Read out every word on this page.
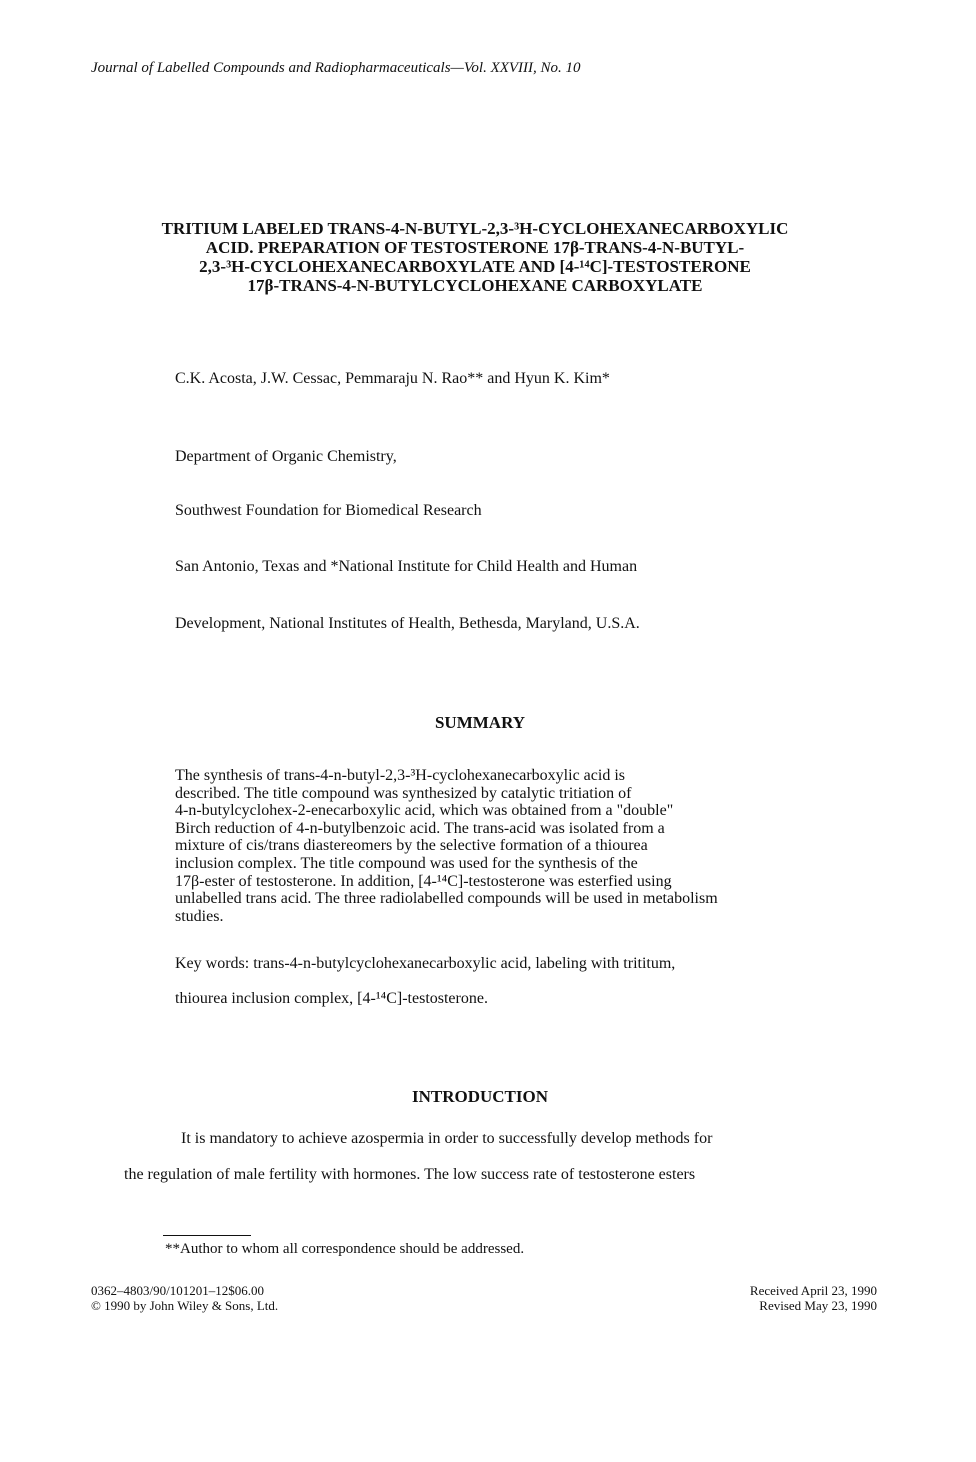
Journal of Labelled Compounds and Radiopharmaceuticals—Vol. XXVIII, No. 10
TRITIUM LABELED TRANS-4-N-BUTYL-2,3-³H-CYCLOHEXANECARBOXYLIC
ACID. PREPARATION OF TESTOSTERONE 17β-TRANS-4-N-BUTYL-
2,3-³H-CYCLOHEXANECARBOXYLATE AND [4-¹⁴C]-TESTOSTERONE
17β-TRANS-4-N-BUTYLCYCLOHEXANE CARBOXYLATE
C.K. Acosta, J.W. Cessac, Pemmaraju N. Rao** and Hyun K. Kim*
Department of Organic Chemistry,
Southwest Foundation for Biomedical Research
San Antonio, Texas and *National Institute for Child Health and Human
Development, National Institutes of Health, Bethesda, Maryland, U.S.A.
SUMMARY
The synthesis of trans-4-n-butyl-2,3-³H-cyclohexanecarboxylic acid is
described. The title compound was synthesized by catalytic tritiation of
4-n-butylcyclohex-2-enecarboxylic acid, which was obtained from a "double"
Birch reduction of 4-n-butylbenzoic acid. The trans-acid was isolated from a
mixture of cis/trans diastereomers by the selective formation of a thiourea
inclusion complex. The title compound was used for the synthesis of the
17β-ester of testosterone. In addition, [4-¹⁴C]-testosterone was esterfied using
unlabelled trans acid. The three radiolabelled compounds will be used in metabolism
studies.
Key words: trans-4-n-butylcyclohexanecarboxylic acid, labeling with trititum,
thiourea inclusion complex, [4-¹⁴C]-testosterone.
INTRODUCTION
It is mandatory to achieve azospermia in order to successfully develop methods for
the regulation of male fertility with hormones. The low success rate of testosterone esters
**Author to whom all correspondence should be addressed.
0362–4803/90/101201–12$06.00
© 1990 by John Wiley & Sons, Ltd.
Received April 23, 1990
Revised May 23, 1990
